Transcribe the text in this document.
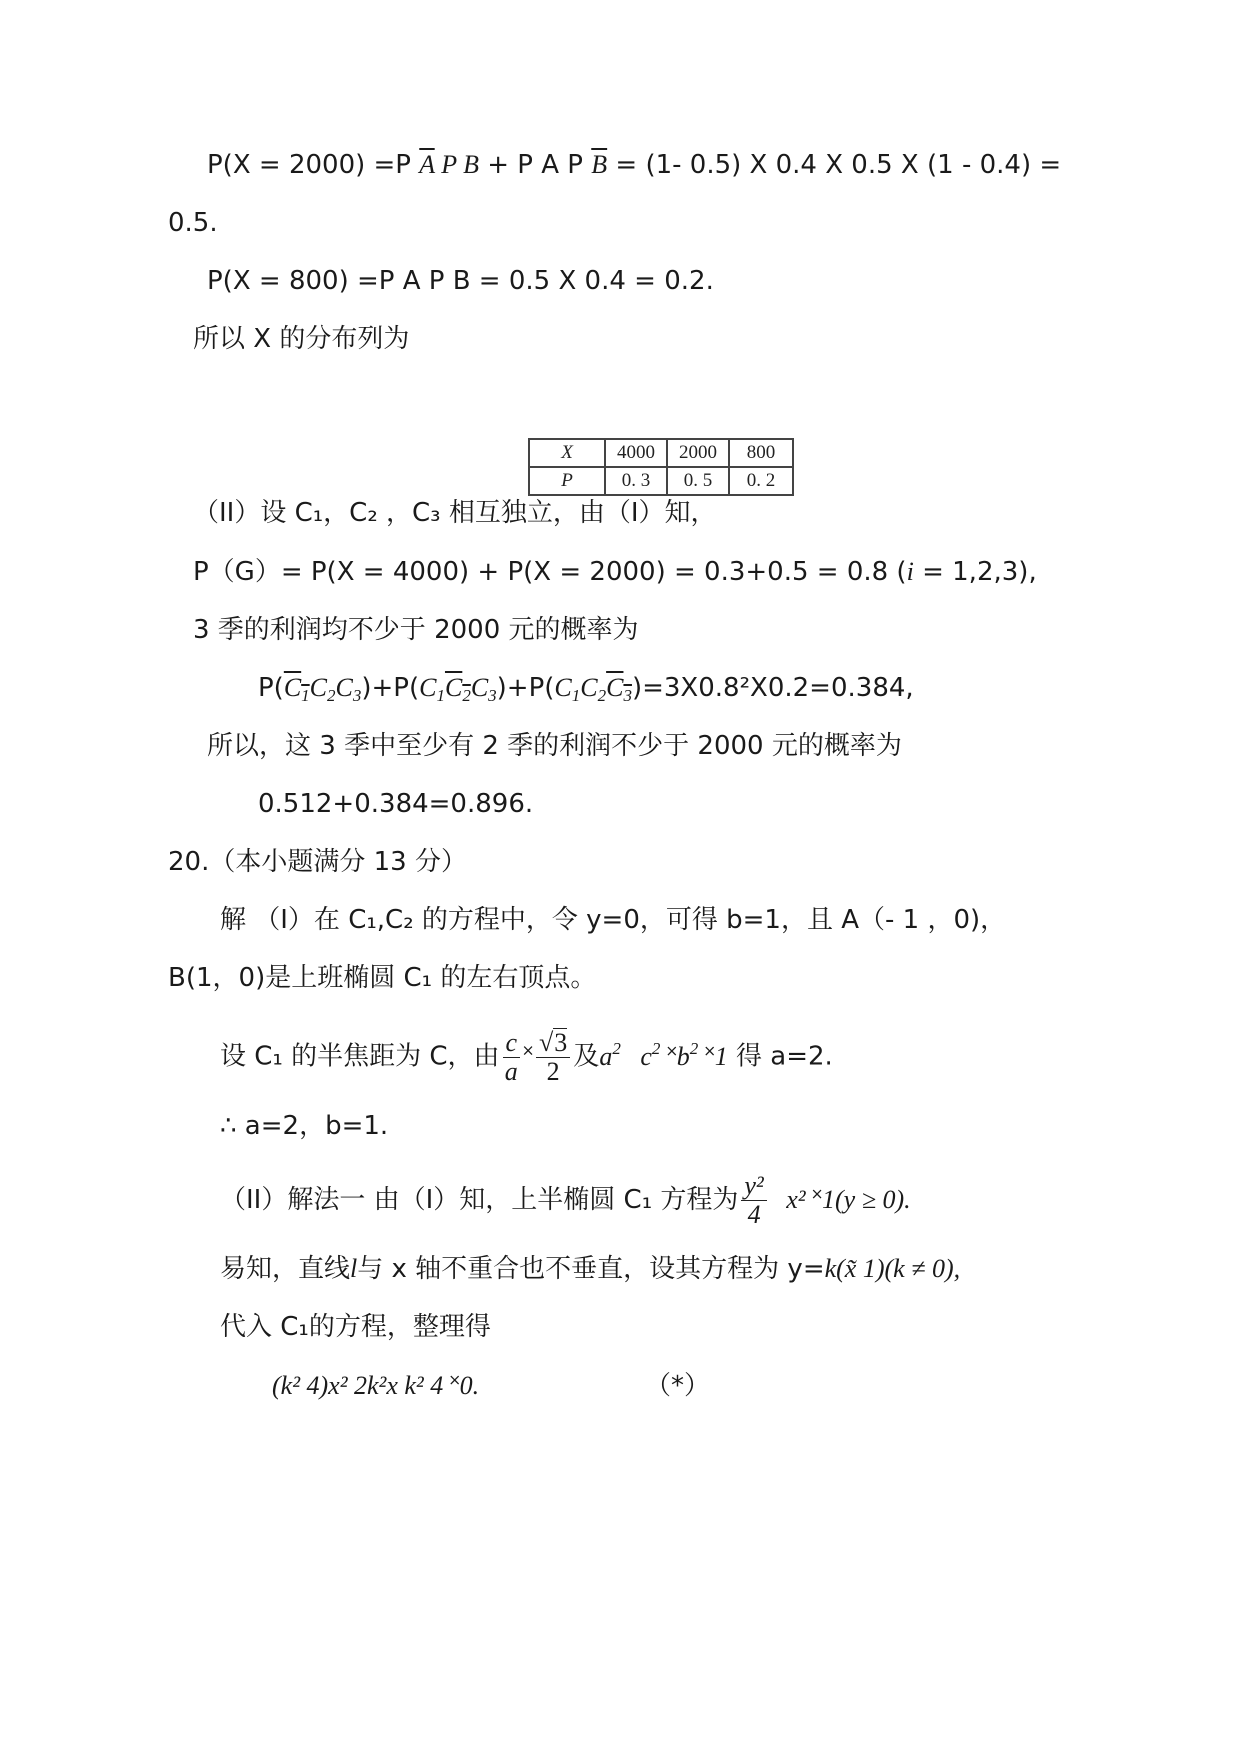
P(X = 2000) =P $\overline{A}$ P B + P A P $\overline{B} = (1-$ 0.5) X 0.4 X 0.5 X (1 - 0.4) =
0.5.
P(X = 800) =P A P B = 0.5 X 0.4 = 0.2.
所以 X 的分布列为
X	4000	2000	800
P	0. 3	0. 5	0. 2
（II）设 C₁，C₂ ，C₃ 相互独立，由（I）知，
P（G）= P(X = 4000) + P(X = 2000) = 0.3+0.5 = 0.8 (i = 1,2,3),
3 季的利润均不少于 2000 元的概率为
$P(C_1C_2C_3)+P(C_1C_2C_3)+P(C_1C_2C_3)=3X0.8^2X0.2=0.384$,
所以，这 3 季中至少有 2 季的利润不少于 2000 元的概率为
0.512+0.384=0.896.
20.（本小题满分 13 分）
解 （I）在 C₁,C₂ 的方程中，令 y=0，可得 b=1，且 A（- 1 ，0)，
B(1，0)是上班椭圆 C₁ 的左右顶点。
设 C₁ 的半焦距为 C，由 $\frac{c}{a}$ ˟ $\frac{√3}{2}$ 及$a^2$   $c^2$ $˟b^2$ ˟1 得 a=2.
∴ a=2，b=1.
（II）解法一 由（I）知，上半椭圆 C₁ 方程为 $\frac{\text{y²}}{4} x^2$ ˟1(y ≥ 0).
易知，直线l与 x 轴不重合也不垂直，设其方程为 y=k(x̃ 1)(k ≠ 0),
代入 C₁的方程，整理得
(k² 4)x² 2k²x k² 4 ˟0.	（*）
